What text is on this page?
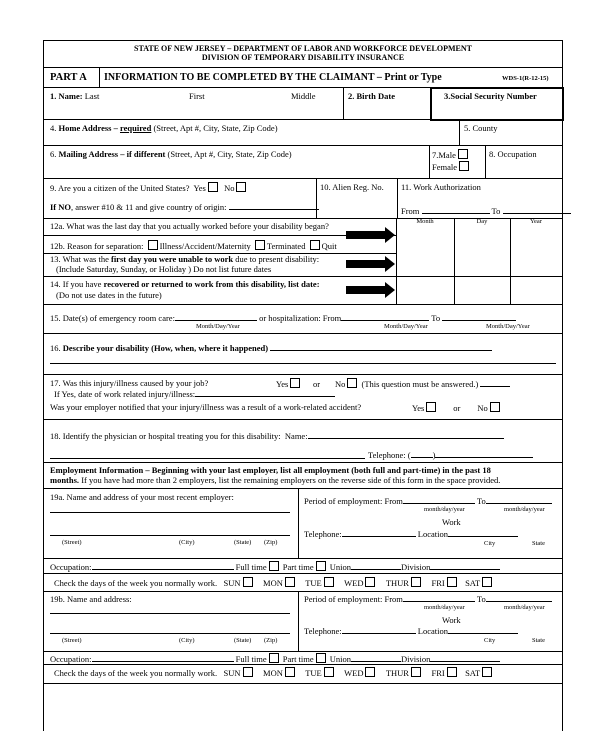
STATE OF NEW JERSEY – DEPARTMENT OF LABOR AND WORKFORCE DEVELOPMENT
DIVISION OF TEMPORARY DISABILITY INSURANCE
PART A INFORMATION TO BE COMPLETED BY THE CLAIMANT – Print or Type	WDS-1(R-12-15)
1. Name: Last	First	Middle	2. Birth Date	3.Social Security Number
4. Home Address – required (Street, Apt #, City, State, Zip Code)	5. County
6. Mailing Address – if different (Street, Apt #, City, State, Zip Code)	7.Male
Female
8. Occupation
9. Are you a citizen of the United States? Yes No	10. Alien Reg. No. 11. Work Authorization
If NO, answer #10 & 11 and give country of origin:	From	To
Month	Day	Year
12a. What was the last day that you actually worked before your disability began?
12b. Reason for separation: Illness/Accident/Maternity Terminated Quit
13. What was the first day you were unable to work due to present disability:
(Include Saturday, Sunday, or Holiday ) Do not list future dates
14. If you have recovered or returned to work from this disability, list date:
(Do not use dates in the future)
15. Date(s) of emergency room care:	or hospitalization: From	To
Month/Day/Year	Month/Day/Year	Month/Day/Year
16. Describe your disability (How, when, where it happened)
17. Was this injury/illness caused by your job?	Yes	or No (This question must be answered.)
If Yes, date of work related injury/illness:
Was your employer notified that your injury/illness was a result of a work-related accident?	Yes	or No
18. Identify the physician or hospital treating you for this disability: Name:
Telephone: (	)
Employment Information – Beginning with your last employer, list all employment (both full and part-time) in the past 18
months. If you have had more than 2 employers, list the remaining employers on the reverse side of this form in the space provided.
19a. Name and address of your most recent employer:
(Street)	(City)	(State) (Zip)
Period of employment: From	To
month/day/year	month/day/year
Work
Telephone:	Location
City	State
Occupation:	Full time Part time Union	Division
Check the days of the week you normally work. SUN	MON	TUE	WED	THUR	FRI SAT
19b. Name and address:
(Street)	(City)	(State) (Zip)
Period of employment: From	To
month/day/year	month/day/year
Work
Telephone:	Location
City	State
Occupation:	Full time Part time Union	Division
Check the days of the week you normally work. SUN	MON	TUE	WED	THUR	FRI SAT
